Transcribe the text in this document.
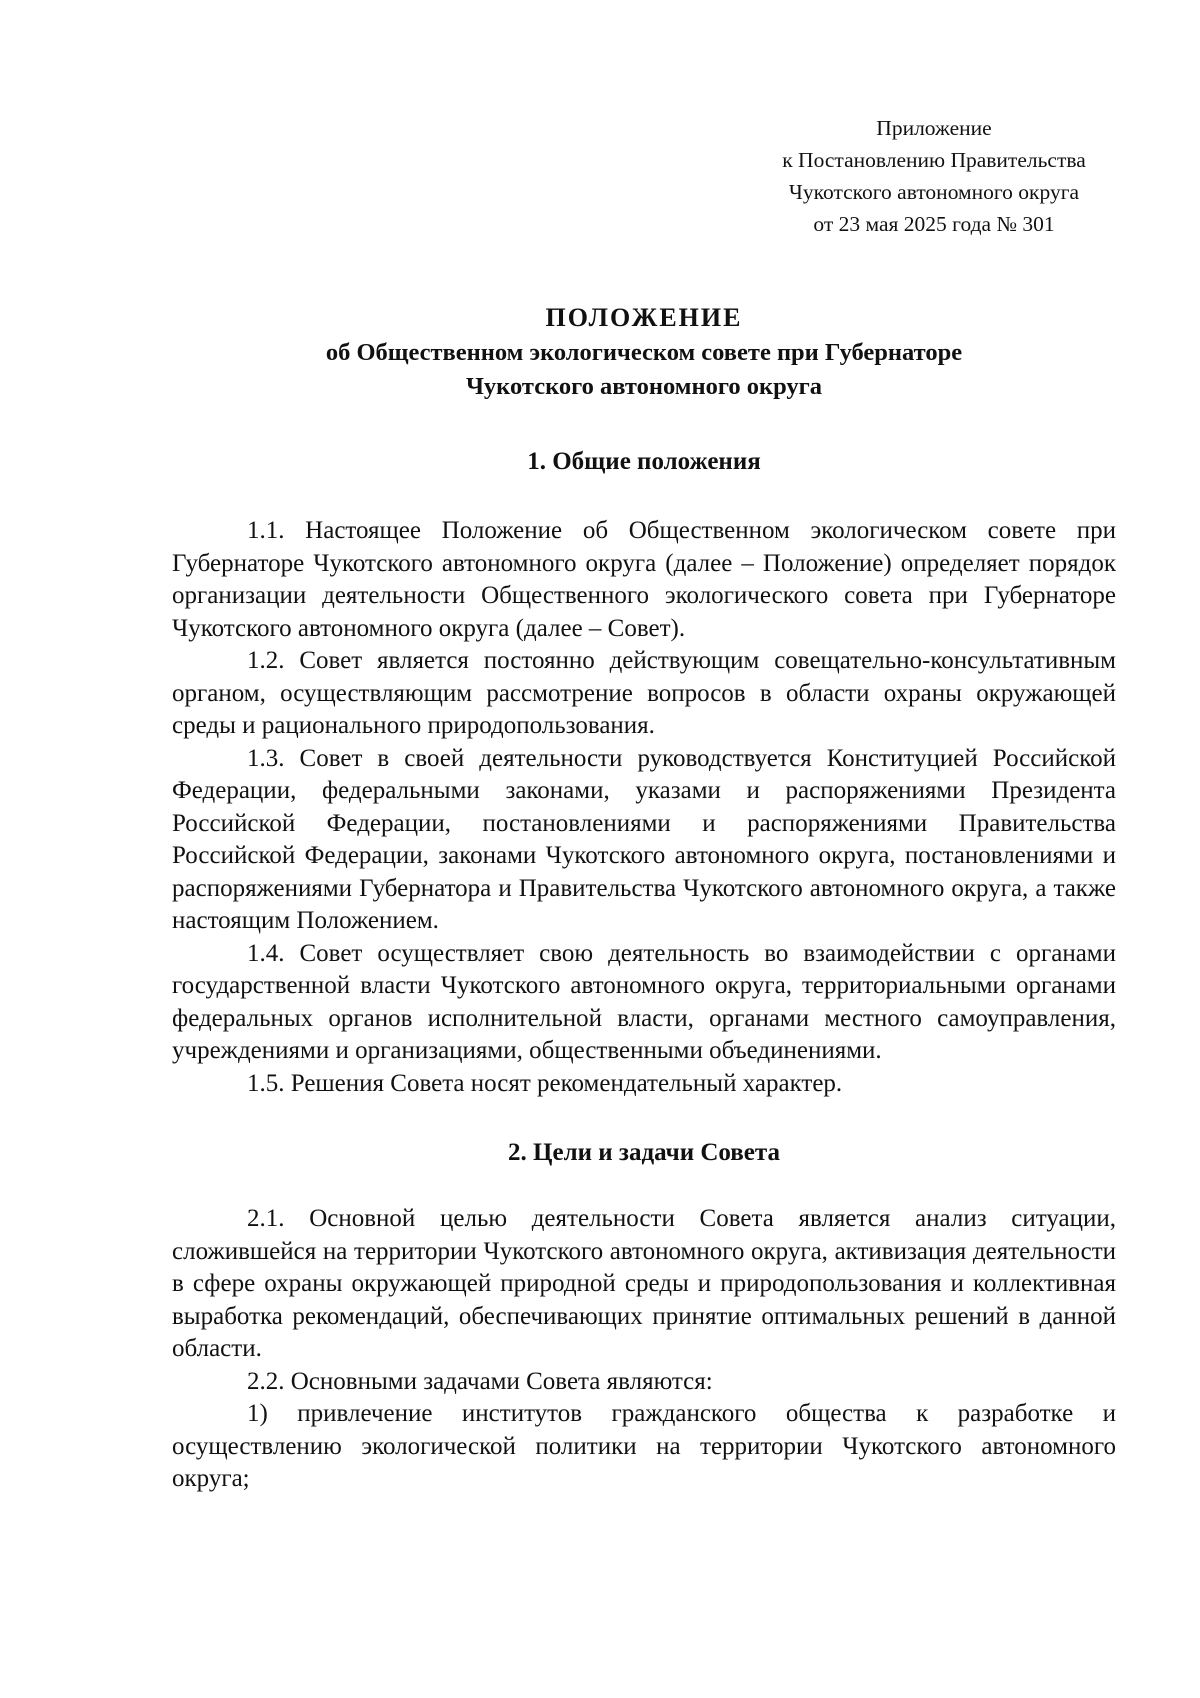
Приложение
к Постановлению Правительства
Чукотского автономного округа
от 23 мая 2025 года № 301
ПОЛОЖЕНИЕ
об Общественном экологическом совете при Губернаторе
Чукотского автономного округа
1. Общие положения

1.1. Настоящее Положение об Общественном экологическом совете при Губернаторе Чукотского автономного округа (далее – Положение) определяет порядок организации деятельности Общественного экологического совета при Губернаторе Чукотского автономного округа (далее – Совет).

1.2. Совет является постоянно действующим совещательно-консультативным органом, осуществляющим рассмотрение вопросов в области охраны окружающей среды и рационального природопользования.

1.3. Совет в своей деятельности руководствуется Конституцией Российской Федерации, федеральными законами, указами и распоряжениями Президента Российской Федерации, постановлениями и распоряжениями Правительства Российской Федерации, законами Чукотского автономного округа, постановлениями и распоряжениями Губернатора и Правительства Чукотского автономного округа, а также настоящим Положением.

1.4. Совет осуществляет свою деятельность во взаимодействии с органами государственной власти Чукотского автономного округа, территориальными органами федеральных органов исполнительной власти, органами местного самоуправления, учреждениями и организациями, общественными объединениями.

1.5. Решения Совета носят рекомендательный характер.

2. Цели и задачи Совета

2.1. Основной целью деятельности Совета является анализ ситуации, сложившейся на территории Чукотского автономного округа, активизация деятельности в сфере охраны окружающей природной среды и природопользования и коллективная выработка рекомендаций, обеспечивающих принятие оптимальных решений в данной области.

2.2. Основными задачами Совета являются:

1) привлечение институтов гражданского общества к разработке и осуществлению экологической политики на территории Чукотского автономного округа;
